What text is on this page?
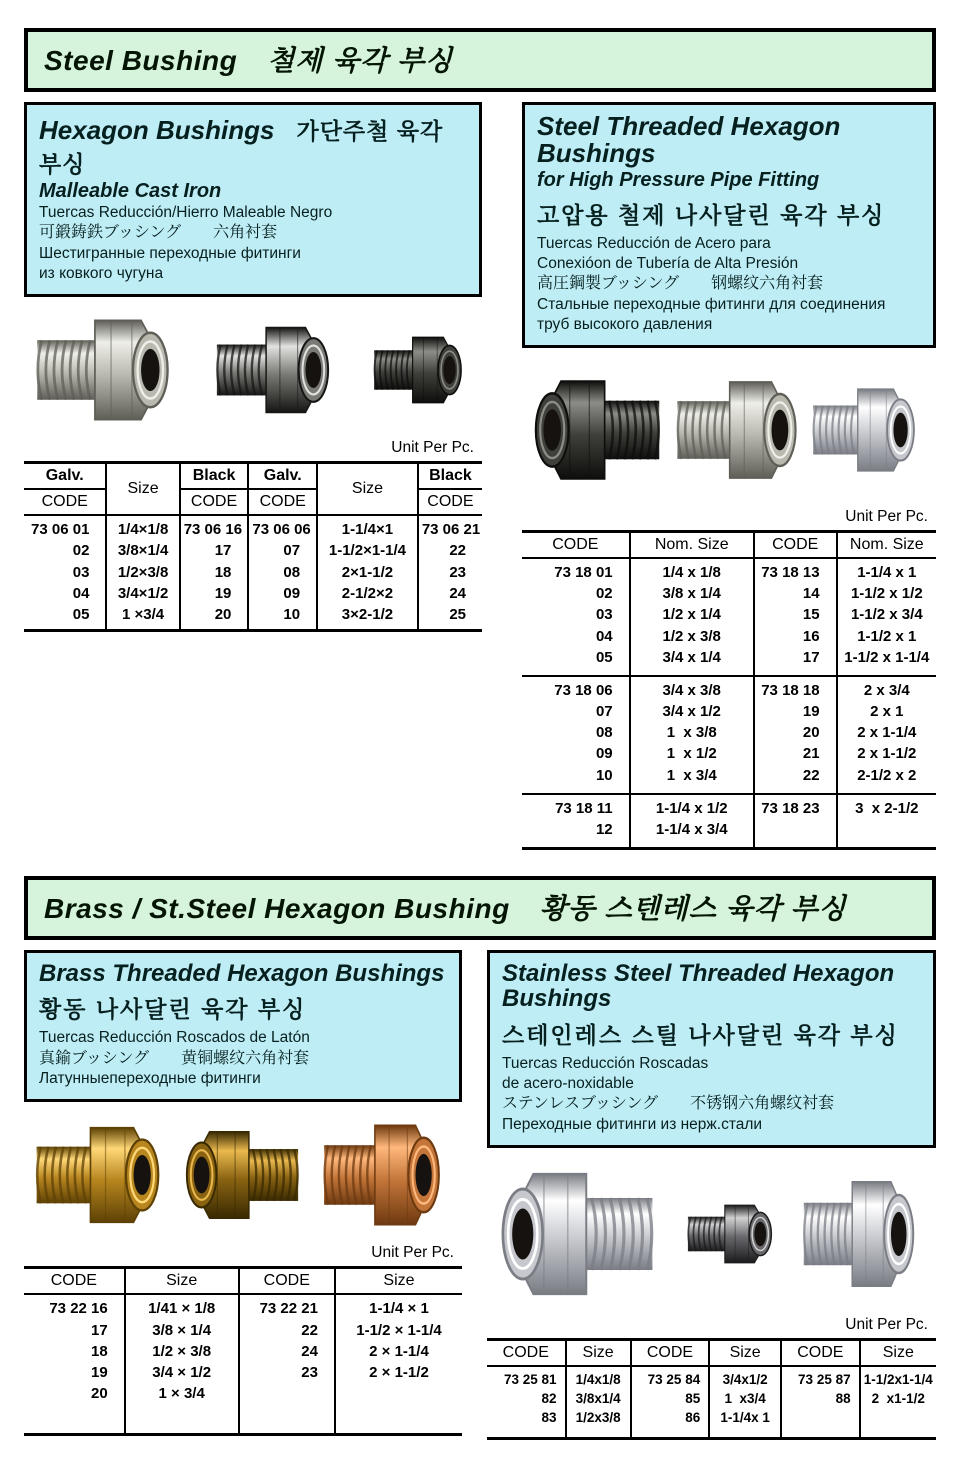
Steel Bushing 철제 육각 부싱
Hexagon Bushings 가단주철 육각 부싱
Malleable Cast Iron
Tuercas Reducción/Hierro Maleable Negro
可鍛鋳鉄ブッシング　　六角衬套
Шестигранные переходные фитинги
из ковкого чугуна
Unit Per Pc.
Galv.	Size	Black	Galv.	Size	Black
CODE		CODE	CODE		CODE
73 06 01	1/4×1/8	73 06 16	73 06 06	1-1/4×1	73 06 21
02	3/8×1/4	17	07	1-1/2×1-1/4	22
03	1/2×3/8	18	08	2×1-1/2	23
04	3/4×1/2	19	09	2-1/2×2	24
05	1 ×3/4	20	10	3×2-1/2	25
Steel Threaded Hexagon Bushings
for High Pressure Pipe Fitting
고압용 철제 나사달린 육각 부싱
Tuercas Reducción de Acero para
Conexióon de Tubería de Alta Presión
高圧鋼製ブッシング　　钢螺纹六角衬套
Стальные переходные фитинги для соединения
труб высокого давления
Unit Per Pc.
CODE	Nom. Size	CODE	Nom. Size
73 18 01	1/4 x 1/8	73 18 13	1-1/4 x 1
02	3/8 x 1/4	14	1-1/2 x 1/2
03	1/2 x 1/4	15	1-1/2 x 3/4
04	1/2 x 3/8	16	1-1/2 x 1
05	3/4 x 1/4	17	1-1/2 x 1-1/4
73 18 06	3/4 x 3/8	73 18 18	2 x 3/4
07	3/4 x 1/2	19	2 x 1
08	1  x 3/8	20	2 x 1-1/4
09	1  x 1/2	21	2 x 1-1/2
10	1  x 3/4	22	2-1/2 x 2
73 18 11	1-1/4 x 1/2	73 18 23	3  x 2-1/2
12	1-1/4 x 3/4		
Brass / St.Steel Hexagon Bushing 황동 스텐레스 육각 부싱
Brass Threaded Hexagon Bushings
황동 나사달린 육각 부싱
Tuercas Reducción Roscados de Latón
真鍮ブッシング　　黄铜螺纹六角衬套
Латунныепереходные фитинги
Unit Per Pc.
CODE	Size	CODE	Size
73 22 16	1/41 × 1/8	73 22 21	1-1/4 × 1
17	3/8 × 1/4	22	1-1/2 × 1-1/4
18	1/2 × 3/8	24	2 × 1-1/4
19	3/4 × 1/2	23	2 × 1-1/2
20	1 × 3/4		
Stainless Steel Threaded Hexagon Bushings
스테인레스 스틸 나사달린 육각 부싱
Tuercas Reducción Roscadas
de acero-noxidable
ステンレスブッシング　　不锈钢六角螺纹衬套
Переходные фитинги из нерж.стали
Unit Per Pc.
CODE	Size	CODE	Size	CODE	Size
73 25 81	1/4x1/8	73 25 84	3/4x1/2	73 25 87	1-1/2x1-1/4
82	3/8x1/4	85	1  x3/4	88	2  x1-1/2
83	1/2x3/8	86	1-1/4x 1		
